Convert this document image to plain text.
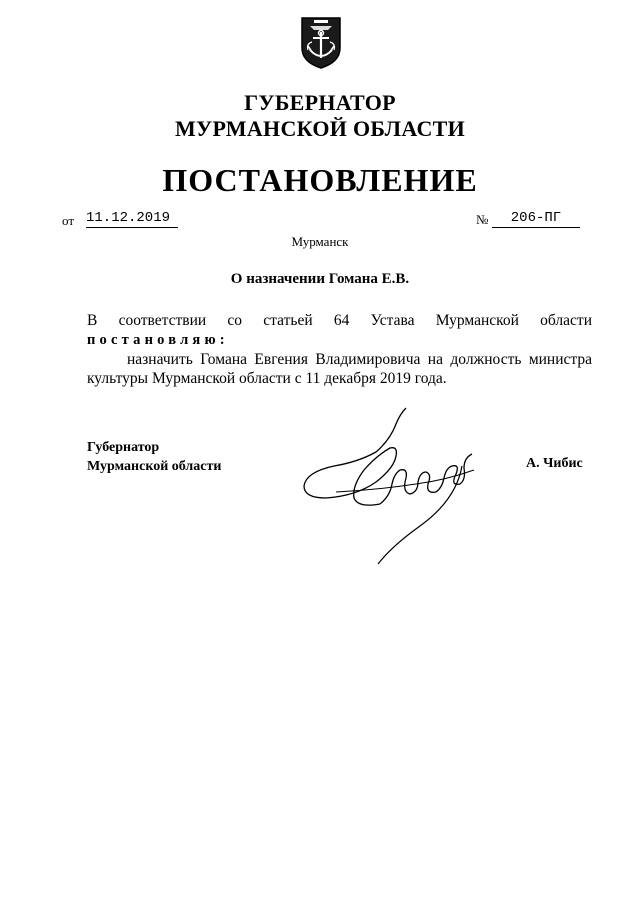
ГУБЕРНАТОР
МУРМАНСКОЙ ОБЛАСТИ
ПОСТАНОВЛЕНИЕ
от 11.12.2019	№	206-ПГ
Мурманск
О назначении Гомана Е.В.
В соответствии со статьей 64 Устава Мурманской области
постановляю:
назначить Гомана Евгения Владимировича на должность министра
культуры Мурманской области с 11 декабря 2019 года.
Губернатор
Мурманской области	А. Чибис
